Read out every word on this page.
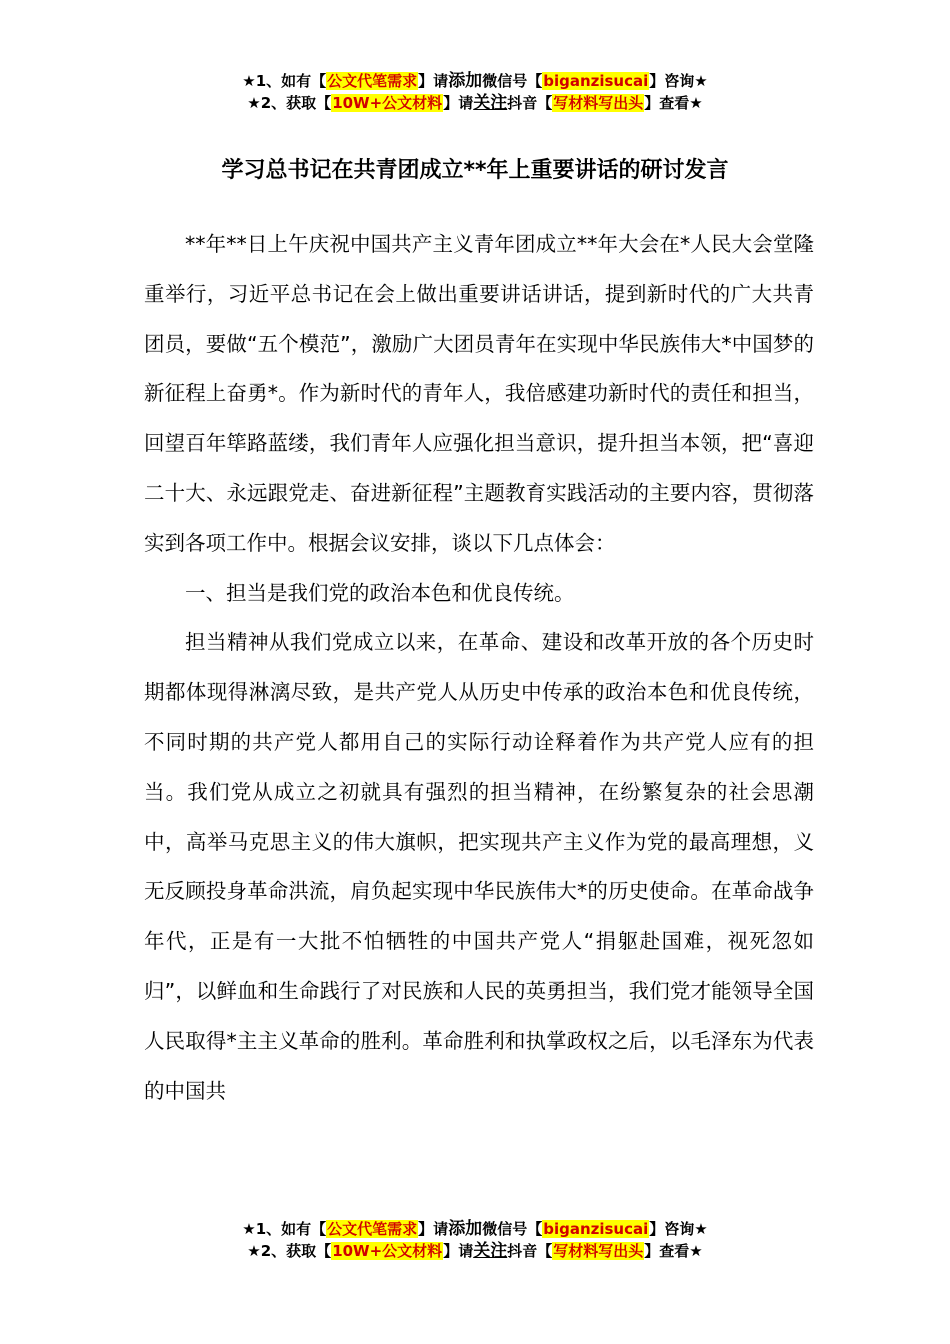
★1、如有【公文代笔需求】请添加微信号【biganzisucai】咨询★
★2、获取【10W+公文材料】请关注抖音【写材料写出头】查看★
学习总书记在共青团成立**年上重要讲话的研讨发言

**年**日上午庆祝中国共产主义青年团成立**年大会在*人民大会堂隆重举行，习近平总书记在会上做出重要讲话讲话，提到新时代的广大共青团员，要做“五个模范”，激励广大团员青年在实现中华民族伟大*中国梦的新征程上奋勇*。作为新时代的青年人，我倍感建功新时代的责任和担当，回望百年筚路蓝缕，我们青年人应强化担当意识，提升担当本领，把“喜迎二十大、永远跟党走、奋进新征程”主题教育实践活动的主要内容，贯彻落实到各项工作中。根据会议安排，谈以下几点体会：

一、担当是我们党的政治本色和优良传统。

担当精神从我们党成立以来，在革命、建设和改革开放的各个历史时期都体现得淋漓尽致，是共产党人从历史中传承的政治本色和优良传统，不同时期的共产党人都用自己的实际行动诠释着作为共产党人应有的担当。我们党从成立之初就具有强烈的担当精神，在纷繁复杂的社会思潮中，高举马克思主义的伟大旗帜，把实现共产主义作为党的最高理想，义无反顾投身革命洪流，肩负起实现中华民族伟大*的历史使命。在革命战争年代，正是有一大批不怕牺牲的中国共产党人“捐躯赴国难，视死忽如归”，以鲜血和生命践行了对民族和人民的英勇担当，我们党才能领导全国人民取得*主主义革命的胜利。革命胜利和执掌政权之后，以毛泽东为代表的中国共

★1、如有【公文代笔需求】请添加微信号【biganzisucai】咨询★
★2、获取【10W+公文材料】请关注抖音【写材料写出头】查看★
